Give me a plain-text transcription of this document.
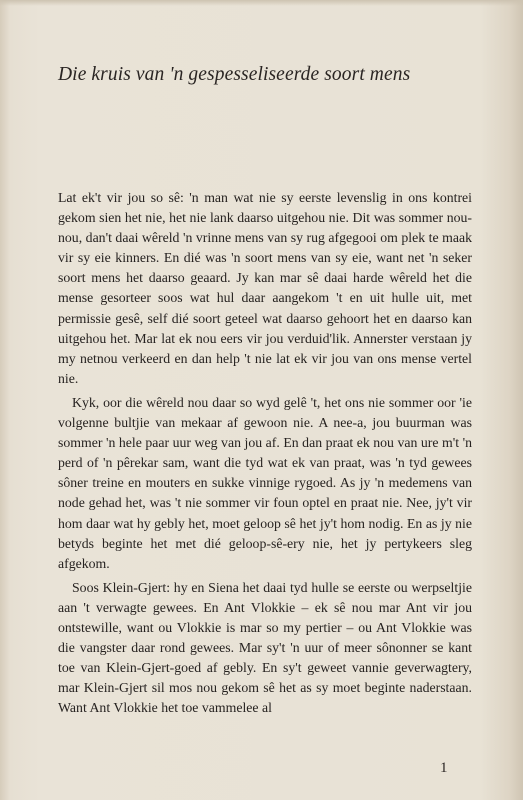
Die kruis van 'n gespesseliseerde soort mens

Lat ek't vir jou so sê: 'n man wat nie sy eerste levenslig in ons kontrei gekom sien het nie, het nie lank daarso uitgehou nie. Dit was sommer nou-nou, dan't daai wêreld 'n vrinne mens van sy rug afgegooi om plek te maak vir sy eie kinners. En dié was 'n soort mens van sy eie, want net 'n seker soort mens het daarso geaard. Jy kan mar sê daai harde wêreld het die mense gesorteer soos wat hul daar aangekom 't en uit hulle uit, met permissie gesê, self dié soort geteel wat daarso gehoort het en daarso kan uitgehou het. Mar lat ek nou eers vir jou verduid'lik. Annerster verstaan jy my netnou verkeerd en dan help 't nie lat ek vir jou van ons mense vertel nie.

Kyk, oor die wêreld nou daar so wyd gelê 't, het ons nie sommer oor 'ie volgenne bultjie van mekaar af gewoon nie. A nee-a, jou buurman was sommer 'n hele paar uur weg van jou af. En dan praat ek nou van ure m't 'n perd of 'n pêrekar sam, want die tyd wat ek van praat, was 'n tyd gewees sôner treine en mouters en sukke vinnige rygoed. As jy 'n medemens van node gehad het, was 't nie sommer vir foun optel en praat nie. Nee, jy't vir hom daar wat hy gebly het, moet geloop sê het jy't hom nodig. En as jy nie betyds beginte het met dié geloop-sê-ery nie, het jy pertykeers sleg afgekom.

Soos Klein-Gjert: hy en Siena het daai tyd hulle se eerste ou werpseltjie aan 't verwagte gewees. En Ant Vlokkie – ek sê nou mar Ant vir jou ontstewille, want ou Vlokkie is mar so my pertier – ou Ant Vlokkie was die vangster daar rond gewees. Mar sy't 'n uur of meer sônonner se kant toe van Klein-Gjert-goed af gebly. En sy't geweet vannie geverwagtery, mar Klein-Gjert sil mos nou gekom sê het as sy moet beginte naderstaan. Want Ant Vlokkie het toe vammelee al

1
